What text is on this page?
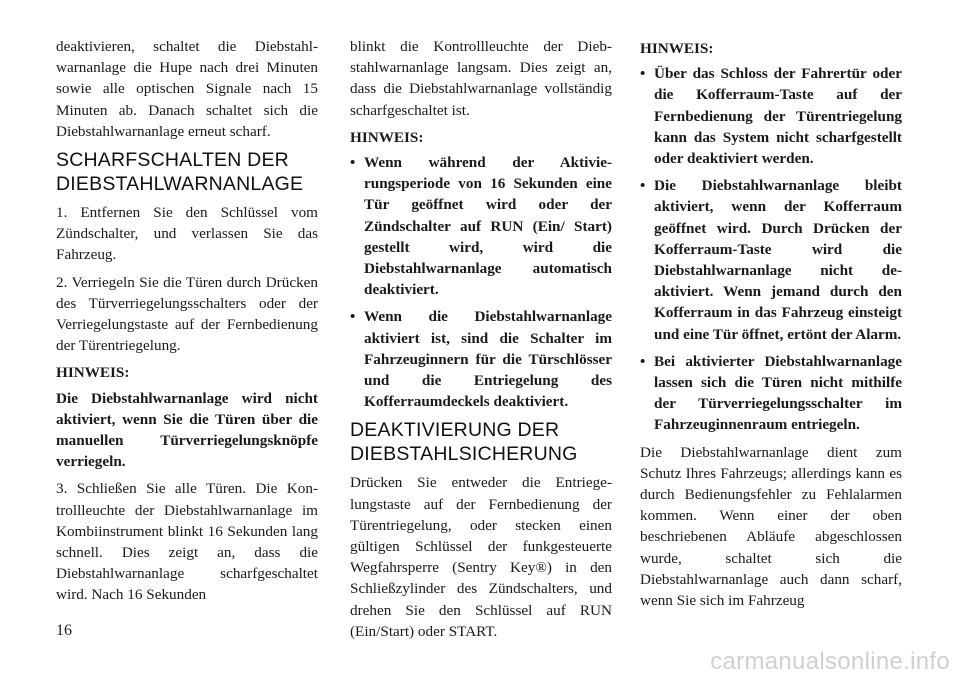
deaktivieren, schaltet die Diebstahlwarnanlage die Hupe nach drei Minuten sowie alle optischen Signale nach 15 Minuten ab. Danach schaltet sich die Diebstahlwarnanlage erneut scharf.

SCHARFSCHALTEN DER DIEBSTAHLWARNANLAGE

1. Entfernen Sie den Schlüssel vom Zündschalter, und verlassen Sie das Fahrzeug.

2. Verriegeln Sie die Türen durch Drücken des Türverriegelungsschalters oder der Verriegelungstaste auf der Fernbedienung der Türentriegelung.

HINWEIS:

Die Diebstahlwarnanlage wird nicht aktiviert, wenn Sie die Türen über die manuellen Türverriegelungsknöpfe verriegeln.

3. Schließen Sie alle Türen. Die Kontrollleuchte der Diebstahlwarnanlage im Kombiinstrument blinkt 16 Sekunden lang schnell. Dies zeigt an, dass die Diebstahlwarnanlage scharfgeschaltet wird. Nach 16 Sekunden

blinkt die Kontrollleuchte der Diebstahlwarnanlage langsam. Dies zeigt an, dass die Diebstahlwarnanlage vollständig scharfgeschaltet ist.

HINWEIS:
• Wenn während der Aktivierungsperiode von 16 Sekunden eine Tür geöffnet wird oder der Zündschalter auf RUN (Ein/ Start) gestellt wird, wird die Diebstahlwarnanlage automatisch deaktiviert.
• Wenn die Diebstahlwarnanlage aktiviert ist, sind die Schalter im Fahrzeuginnern für die Türschlösser und die Entriegelung des Kofferraumdeckels deaktiviert.
DEAKTIVIERUNG DER DIEBSTAHLSICHERUNG

Drücken Sie entweder die Entriegelungstaste auf der Fernbedienung der Türentriegelung, oder stecken einen gültigen Schlüssel der funkgesteuerte Wegfahrsperre (Sentry Key®) in den Schließzylinder des Zündschalters, und drehen Sie den Schlüssel auf RUN (Ein/Start) oder START.

HINWEIS:
• Über das Schloss der Fahrertür oder die Kofferraum-Taste auf der Fernbedienung der Türentriegelung kann das System nicht scharfgestellt oder deaktiviert werden.
• Die Diebstahlwarnanlage bleibt aktiviert, wenn der Kofferraum geöffnet wird. Durch Drücken der Kofferraum-Taste wird die Diebstahlwarnanlage nicht deaktiviert. Wenn jemand durch den Kofferraum in das Fahrzeug einsteigt und eine Tür öffnet, ertönt der Alarm.
• Bei aktivierter Diebstahlwarnanlage lassen sich die Türen nicht mithilfe der Türverriegelungsschalter im Fahrzeuginnenraum entriegeln.

Die Diebstahlwarnanlage dient zum Schutz Ihres Fahrzeugs; allerdings kann es durch Bedienungsfehler zu Fehlalarmen kommen. Wenn einer der oben beschriebenen Abläufe abgeschlossen wurde, schaltet sich die Diebstahlwarnanlage auch dann scharf, wenn Sie sich im Fahrzeug

16
carmanualsonline.info
